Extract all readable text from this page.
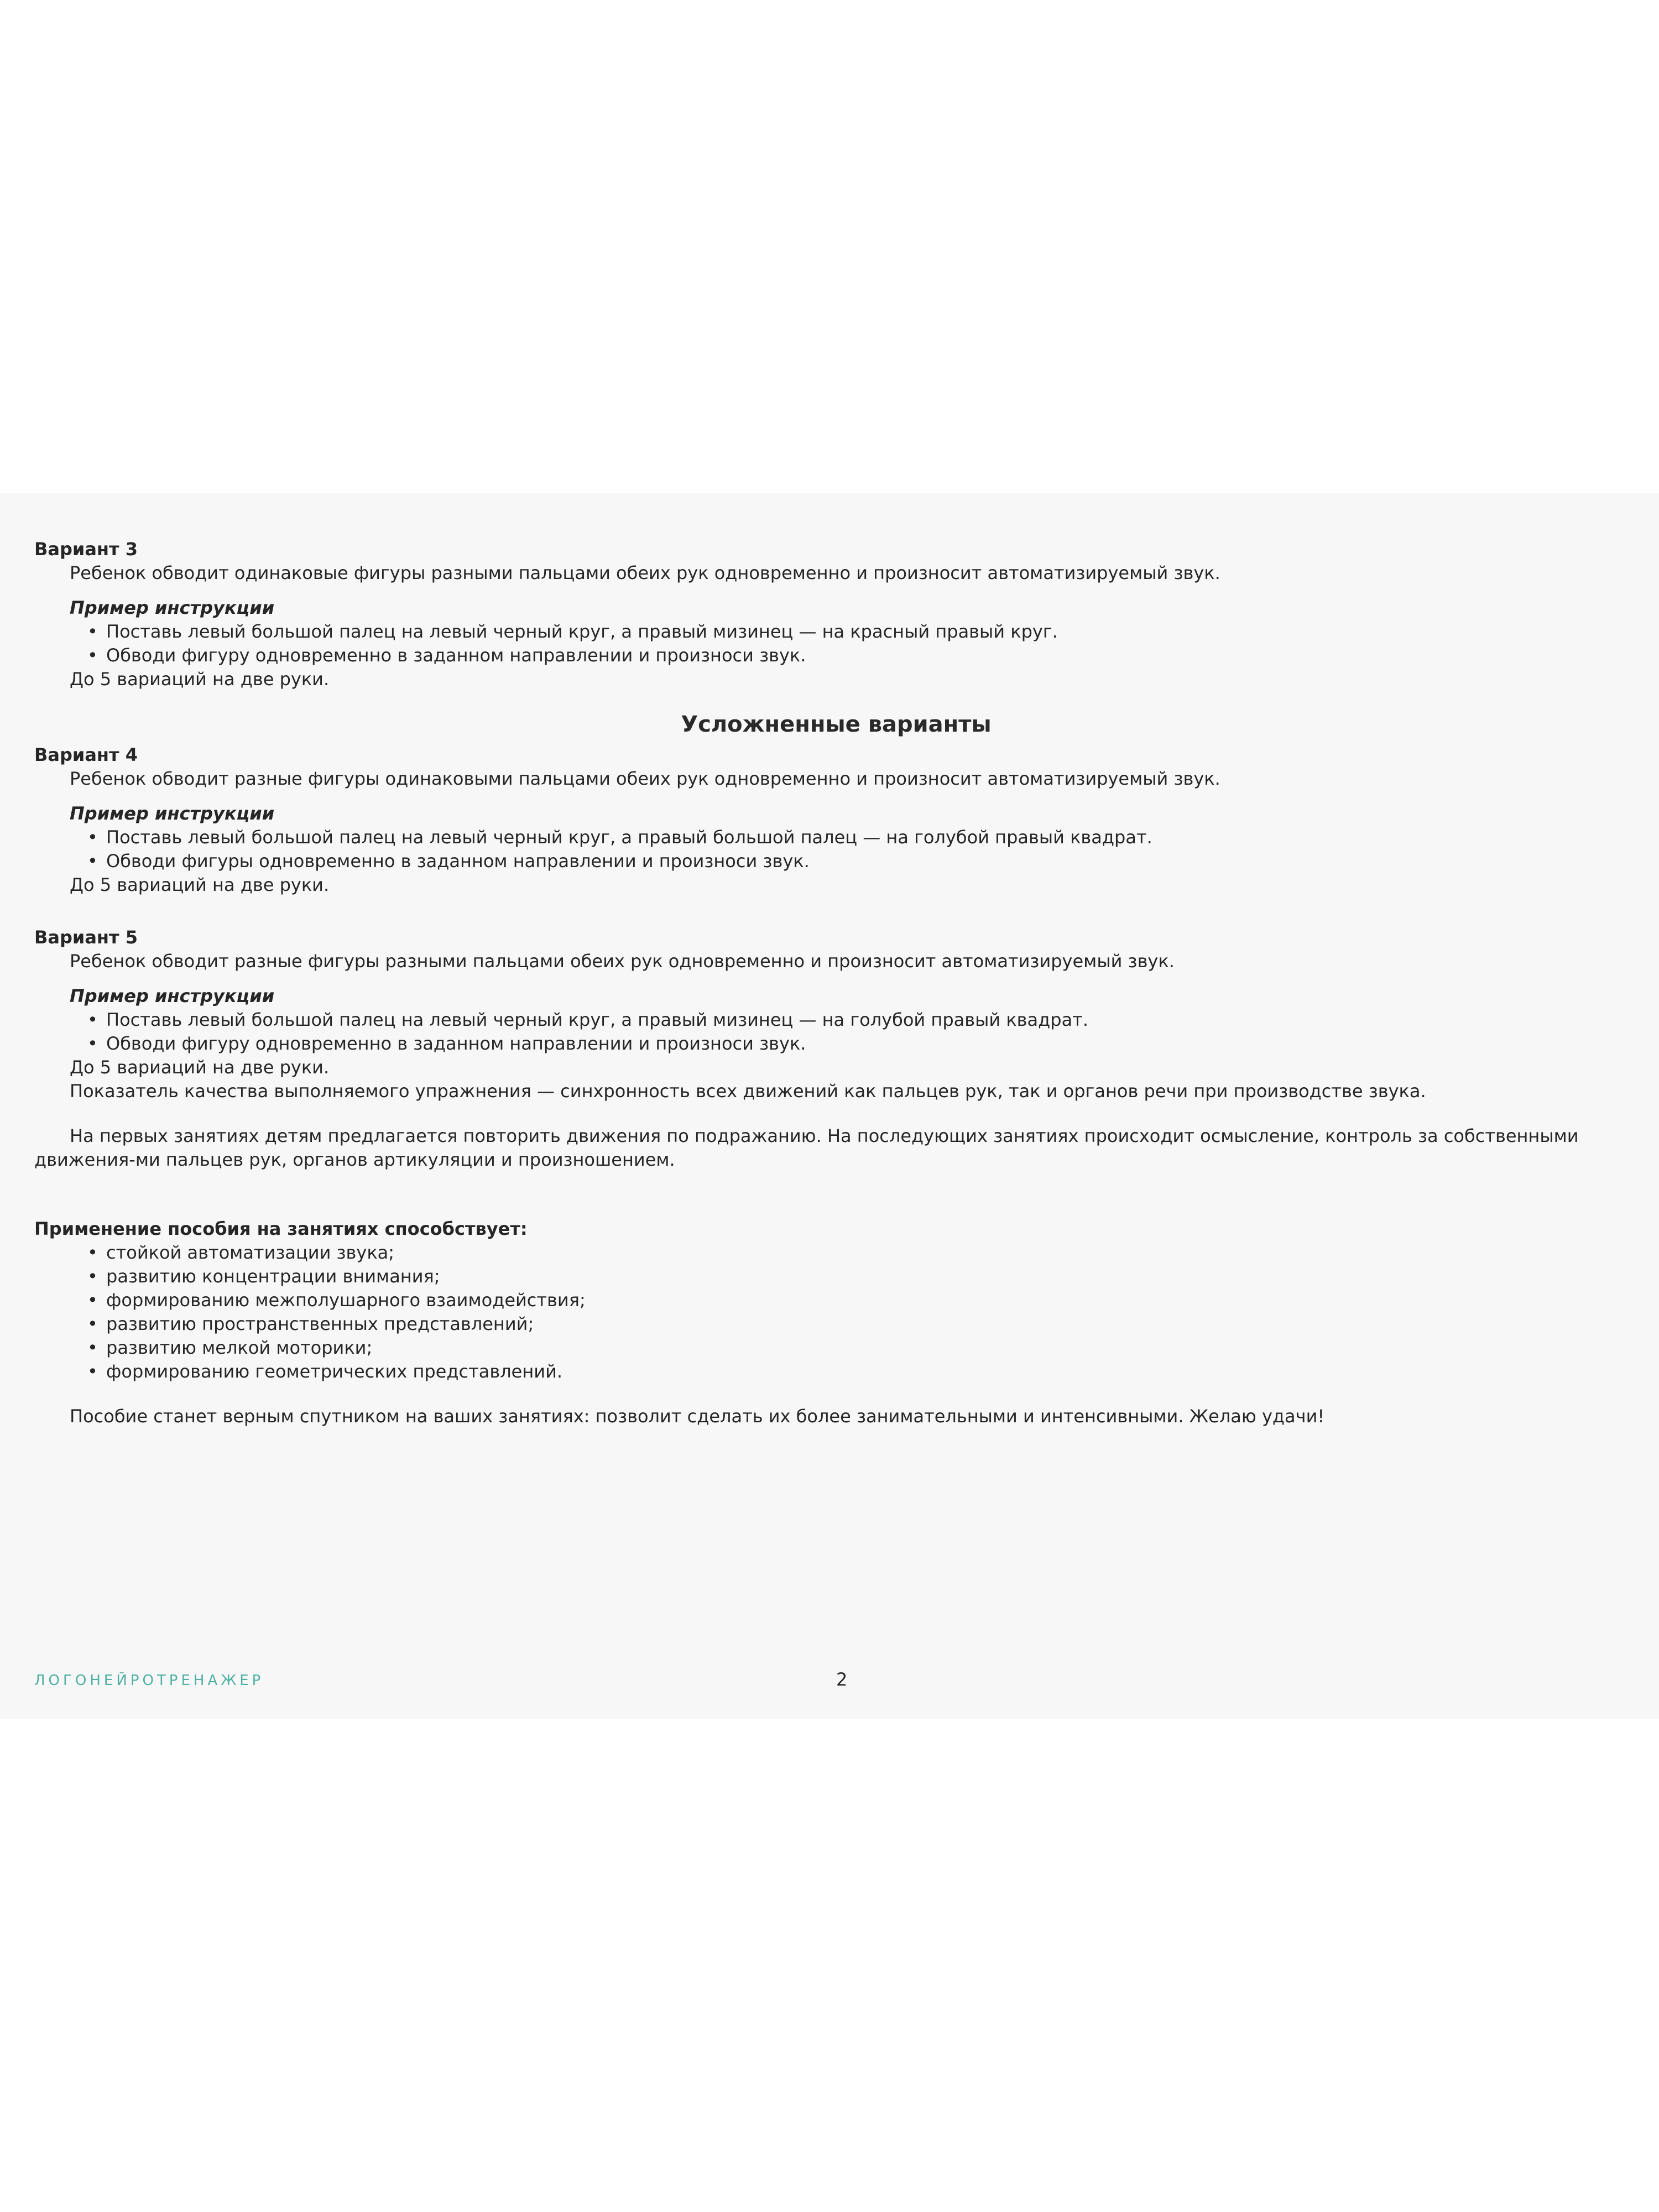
Вариант 3

Ребенок обводит одинаковые фигуры разными пальцами обеих рук одновременно и произносит автоматизируемый звук.

Пример инструкции

• Поставь левый большой палец на левый черный круг, а правый мизинец — на красный правый круг.
• Обводи фигуру одновременно в заданном направлении и произноси звук.

До 5 вариаций на две руки.

Усложненные варианты

Вариант 4

Ребенок обводит разные фигуры одинаковыми пальцами обеих рук одновременно и произносит автоматизируемый звук.

Пример инструкции

• Поставь левый большой палец на левый черный круг, а правый большой палец — на голубой правый квадрат.
• Обводи фигуры одновременно в заданном направлении и произноси звук.

До 5 вариаций на две руки.

Вариант 5

Ребенок обводит разные фигуры разными пальцами обеих рук одновременно и произносит автоматизируемый звук.

Пример инструкции

• Поставь левый большой палец на левый черный круг, а правый мизинец — на голубой правый квадрат.
• Обводи фигуру одновременно в заданном направлении и произноси звук.

До 5 вариаций на две руки.

Показатель качества выполняемого упражнения — синхронность всех движений как пальцев рук, так и органов речи при производстве звука.

На первых занятиях детям предлагается повторить движения по подражанию. На последующих занятиях происходит осмысление, контроль за собственными движения-ми пальцев рук, органов артикуляции и произношением.

Применение пособия на занятиях способствует:

• стойкой автоматизации звука;
• развитию концентрации внимания;
• формированию межполушарного взаимодействия;
• развитию пространственных представлений;
• развитию мелкой моторики;
• формированию геометрических представлений.

Пособие станет верным спутником на ваших занятиях: позволит сделать их более занимательными и интенсивными. Желаю удачи!

ЛОГОНЕЙРОТРЕНАЖЕР	2
